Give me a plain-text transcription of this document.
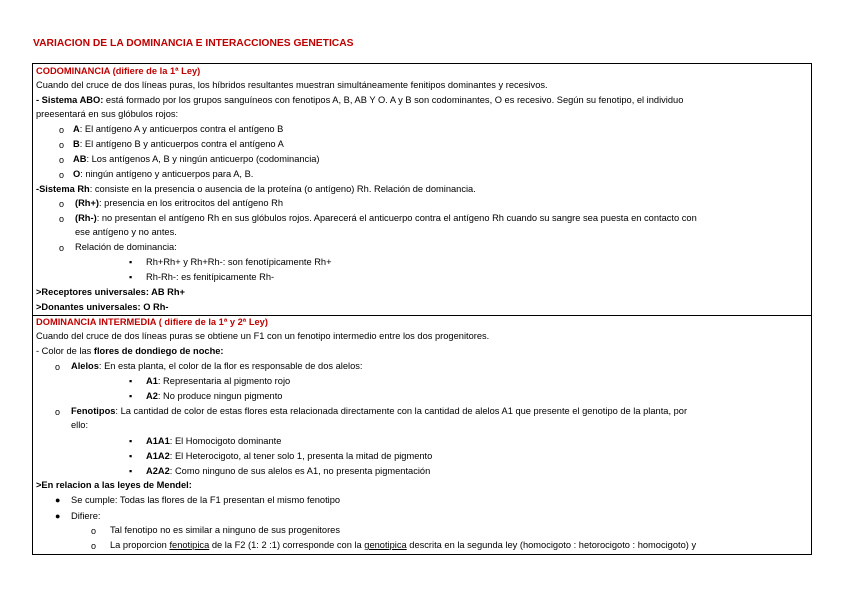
VARIACION DE LA DOMINANCIA E INTERACCIONES GENETICAS
CODOMINANCIA (difiere de la 1ª Ley)
Cuando del cruce de dos líneas puras, los híbridos resultantes muestran simultáneamente fenitipos dominantes y recesivos.
- Sistema ABO: está formado por los grupos sanguíneos con fenotipos A, B, AB Y O. A y B son codominantes, O es recesivo. Según su fenotipo, el individuo
preesentará en sus glóbulos rojos:
o A: El antígeno A y anticuerpos contra el antígeno B
o B: El antígeno B y anticuerpos contra el antígeno A
o AB: Los antígenos A, B y ningún anticuerpo (codominancia)
o O: ningún antígeno y anticuerpos para A, B.
-Sistema Rh: consiste en la presencia o ausencia de la proteína (o antígeno) Rh. Relación de dominancia.
o (Rh+): presencia en los eritrocitos del antígeno Rh
o (Rh-): no presentan el antígeno Rh en sus glóbulos rojos. Aparecerá el anticuerpo contra el antígeno Rh cuando su sangre sea puesta en contacto con
ese antígeno y no antes.
o Relación de dominancia:
▪ Rh+Rh+ y Rh+Rh-: son fenotípicamente Rh+
▪ Rh-Rh-: es fenitípicamente Rh-
>Receptores universales: AB Rh+
>Donantes universales: O Rh-
DOMINANCIA INTERMEDIA ( difiere de la 1ª y 2ª Ley)
Cuando del cruce de dos líneas puras se obtiene un F1 con un fenotipo intermedio entre los dos progenitores.
- Color de las flores de dondiego de noche:
o Alelos: En esta planta, el color de la flor es responsable de dos alelos:
▪ A1: Representaria al pigmento rojo
▪ A2: No produce ningun pigmento
o Fenotipos: La cantidad de color de estas flores esta relacionada directamente con la cantidad de alelos A1 que presente el genotipo de la planta, por
ello:
▪ A1A1: El Homocigoto dominante
▪ A1A2: El Heterocigoto, al tener solo 1, presenta la mitad de pigmento
▪ A2A2: Como ninguno de sus alelos es A1, no presenta pigmentación
>En relacion a las leyes de Mendel:
● Se cumple: Todas las flores de la F1 presentan el mismo fenotipo
● Difiere:
o Tal fenotipo no es similar a ninguno de sus progenitores
o La proporcion fenotipica de la F2 (1: 2 :1) corresponde con la genotipica descrita en la segunda ley (homocigoto : hetorocigoto : homocigoto) y
